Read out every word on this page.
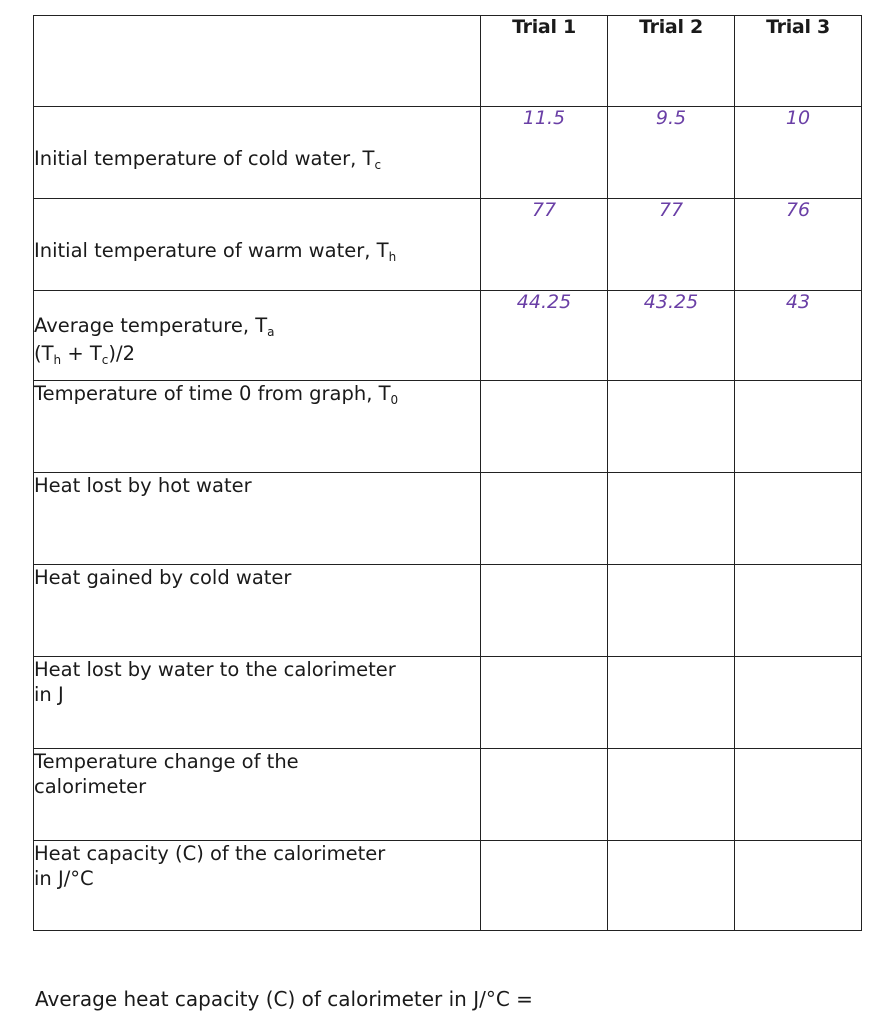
	Trial 1	Trial 2	Trial 3
Initial temperature of cold water, $T_c$	11.5	9.5	10
Initial temperature of warm water, $T_h$	77	77	76

Average temperature, $T_a$
$(T_h + T_c)/2$	44.25	43.25	43
Temperature of time 0 from graph, $T_0$			
Heat lost by hot water			
Heat gained by cold water			

Heat lost by water to the calorimeter
in J			

Temperature change of the
calorimeter			

Heat capacity (C) of the calorimeter
in J/°C			

Average heat capacity (C) of calorimeter in J/°C =
